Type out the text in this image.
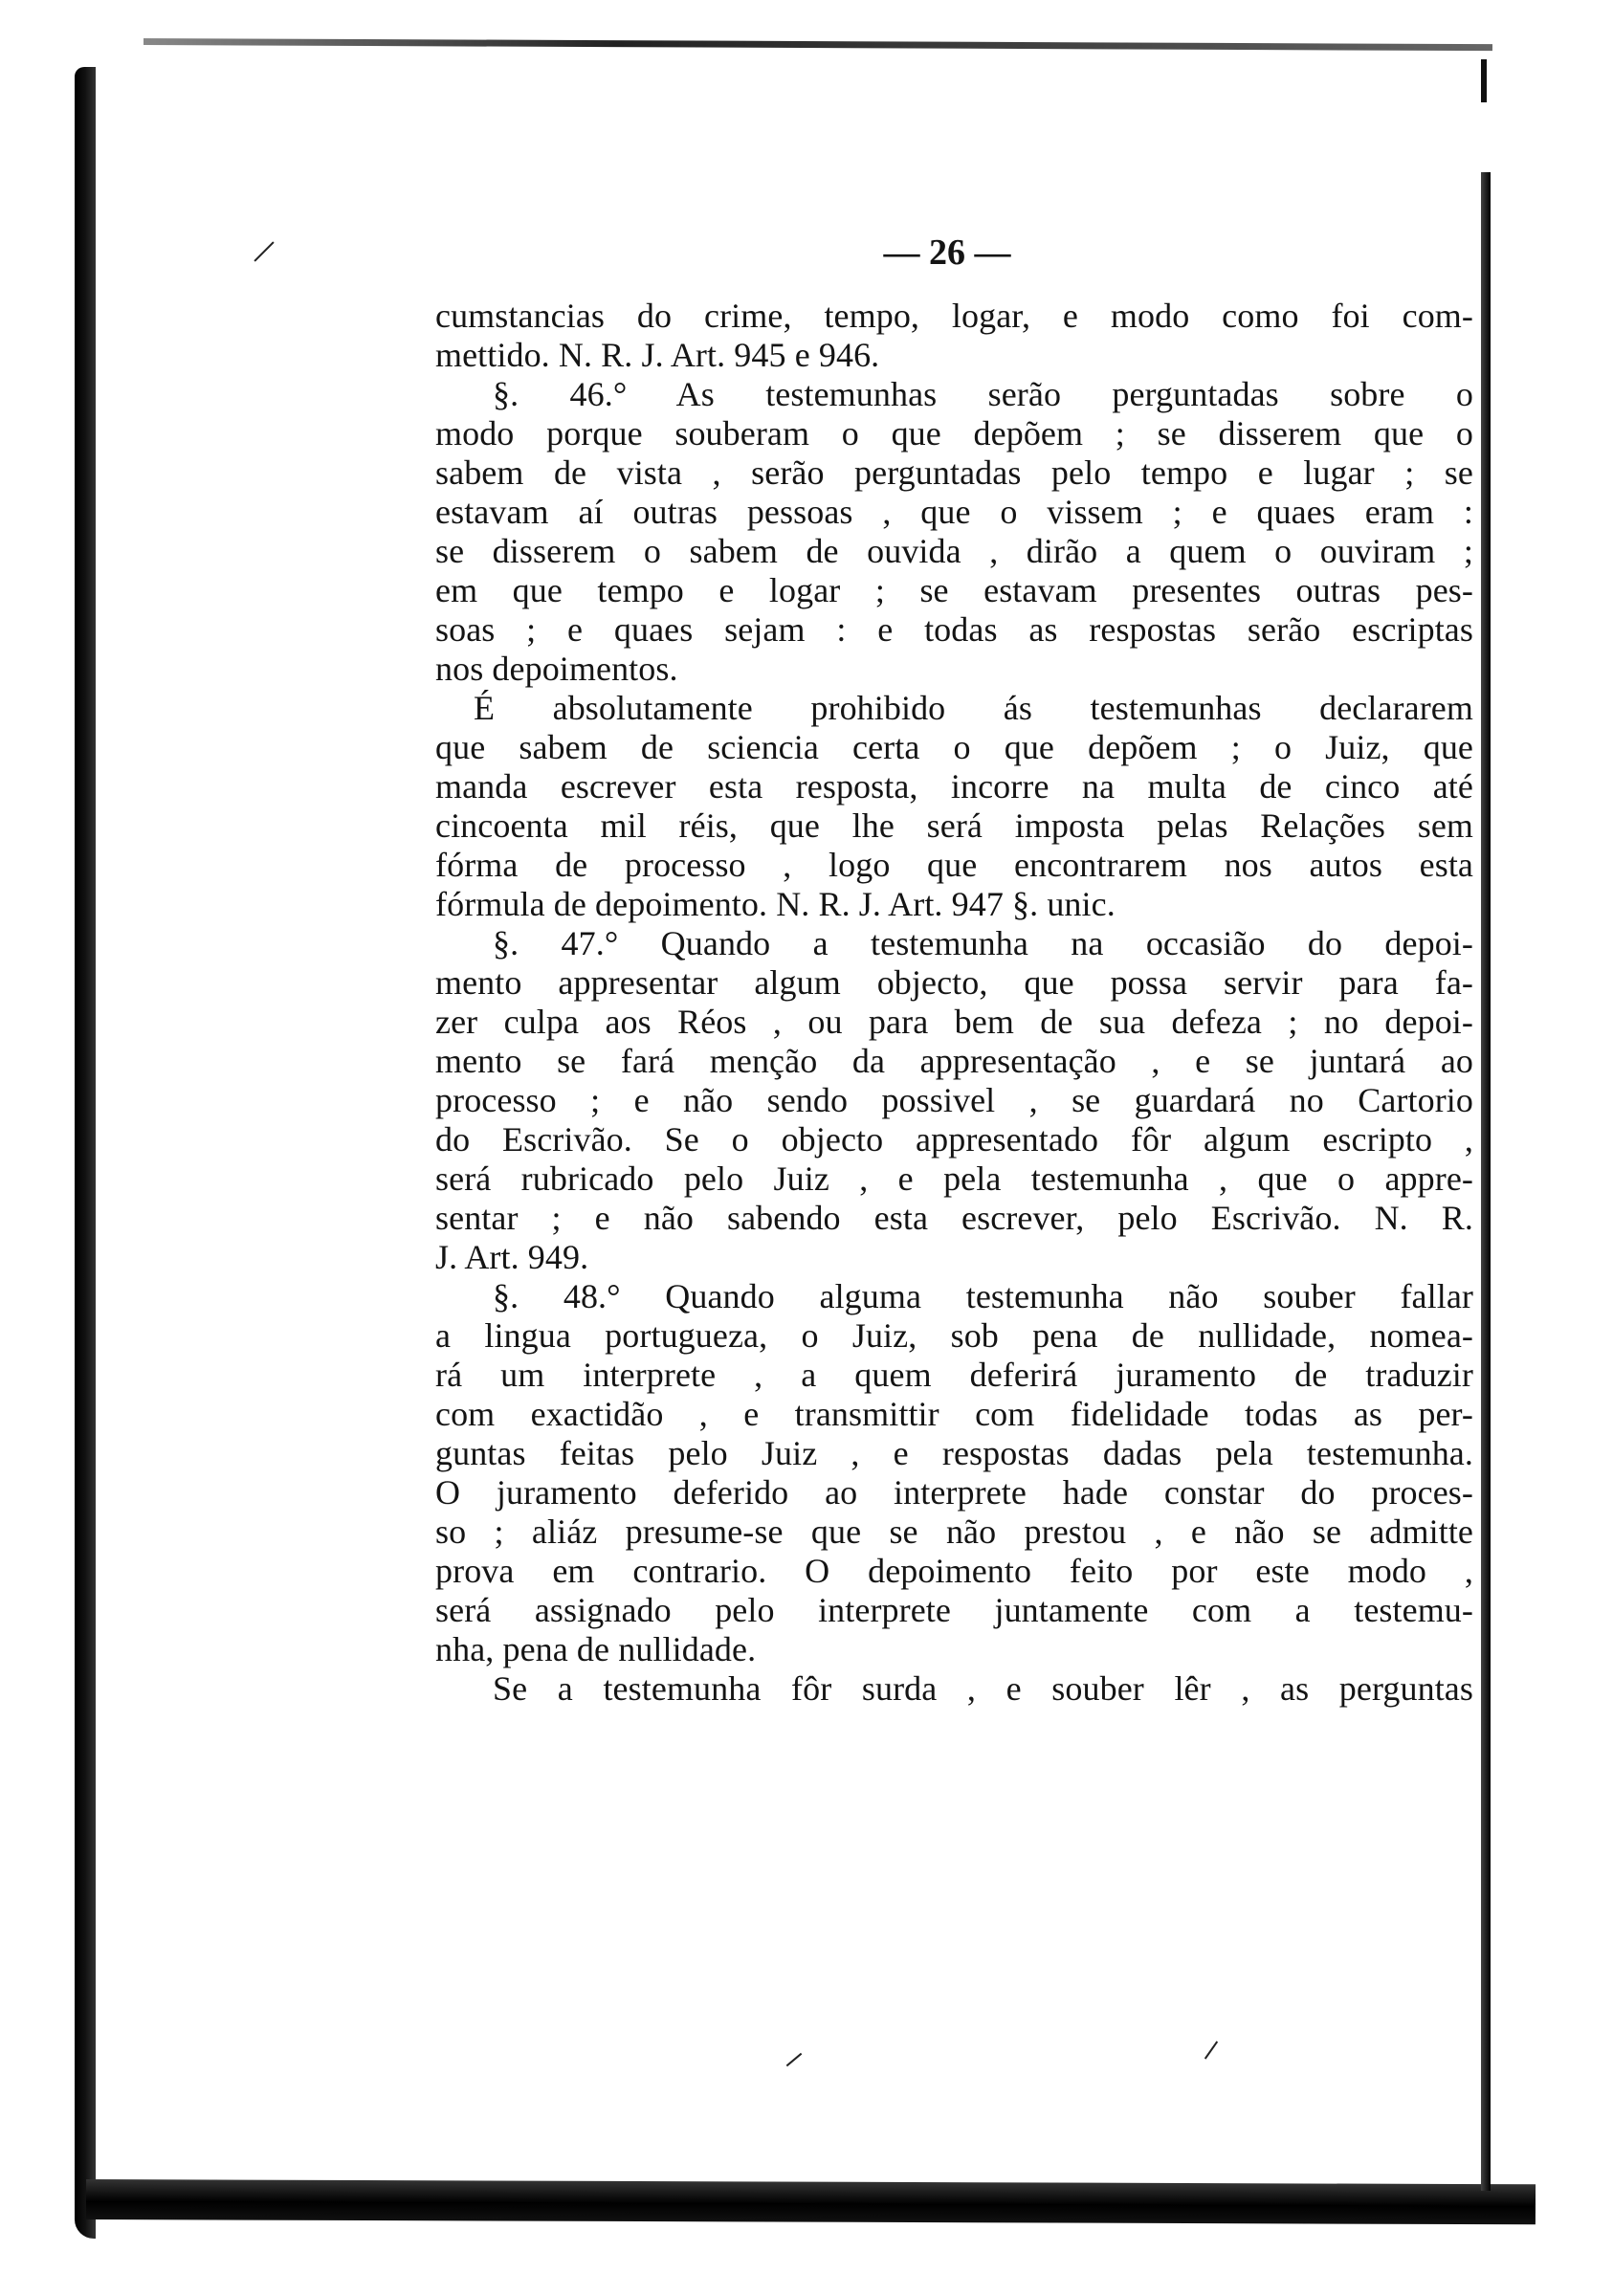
— 26 —
cumstancias do crime, tempo, logar, e modo como foi com-
mettido. N. R. J. Art. 945 e 946.
§. 46.° As testemunhas serão perguntadas sobre o
modo porque souberam o que depõem ; se disserem que o
sabem de vista , serão perguntadas pelo tempo e lugar ; se
estavam aí outras pessoas , que o vissem ; e quaes eram :
se disserem o sabem de ouvida , dirão a quem o ouviram ;
em que tempo e logar ; se estavam presentes outras pes-
soas ; e quaes sejam : e todas as respostas serão escriptas
nos depoimentos.
É absolutamente prohibido ás testemunhas declararem
que sabem de sciencia certa o que depõem ; o Juiz, que
manda escrever esta resposta, incorre na multa de cinco até
cincoenta mil réis, que lhe será imposta pelas Relações sem
fórma de processo , logo que encontrarem nos autos esta
fórmula de depoimento. N. R. J. Art. 947 §. unic.
§. 47.° Quando a testemunha na occasião do depoi-
mento appresentar algum objecto, que possa servir para fa-
zer culpa aos Réos , ou para bem de sua defeza ; no depoi-
mento se fará menção da appresentação , e se juntará ao
processo ; e não sendo possivel , se guardará no Cartorio
do Escrivão. Se o objecto appresentado fôr algum escripto ,
será rubricado pelo Juiz , e pela testemunha , que o appre-
sentar ; e não sabendo esta escrever, pelo Escrivão. N. R.
J. Art. 949.
§. 48.° Quando alguma testemunha não souber fallar
a lingua portugueza, o Juiz, sob pena de nullidade, nomea-
rá um interprete , a quem deferirá juramento de traduzir
com exactidão , e transmittir com fidelidade todas as per-
guntas feitas pelo Juiz , e respostas dadas pela testemunha.
O juramento deferido ao interprete hade constar do proces-
so ; aliáz presume-se que se não prestou , e não se admitte
prova em contrario. O depoimento feito por este modo ,
será assignado pelo interprete juntamente com a testemu-
nha, pena de nullidade.
Se a testemunha fôr surda , e souber lêr , as perguntas
